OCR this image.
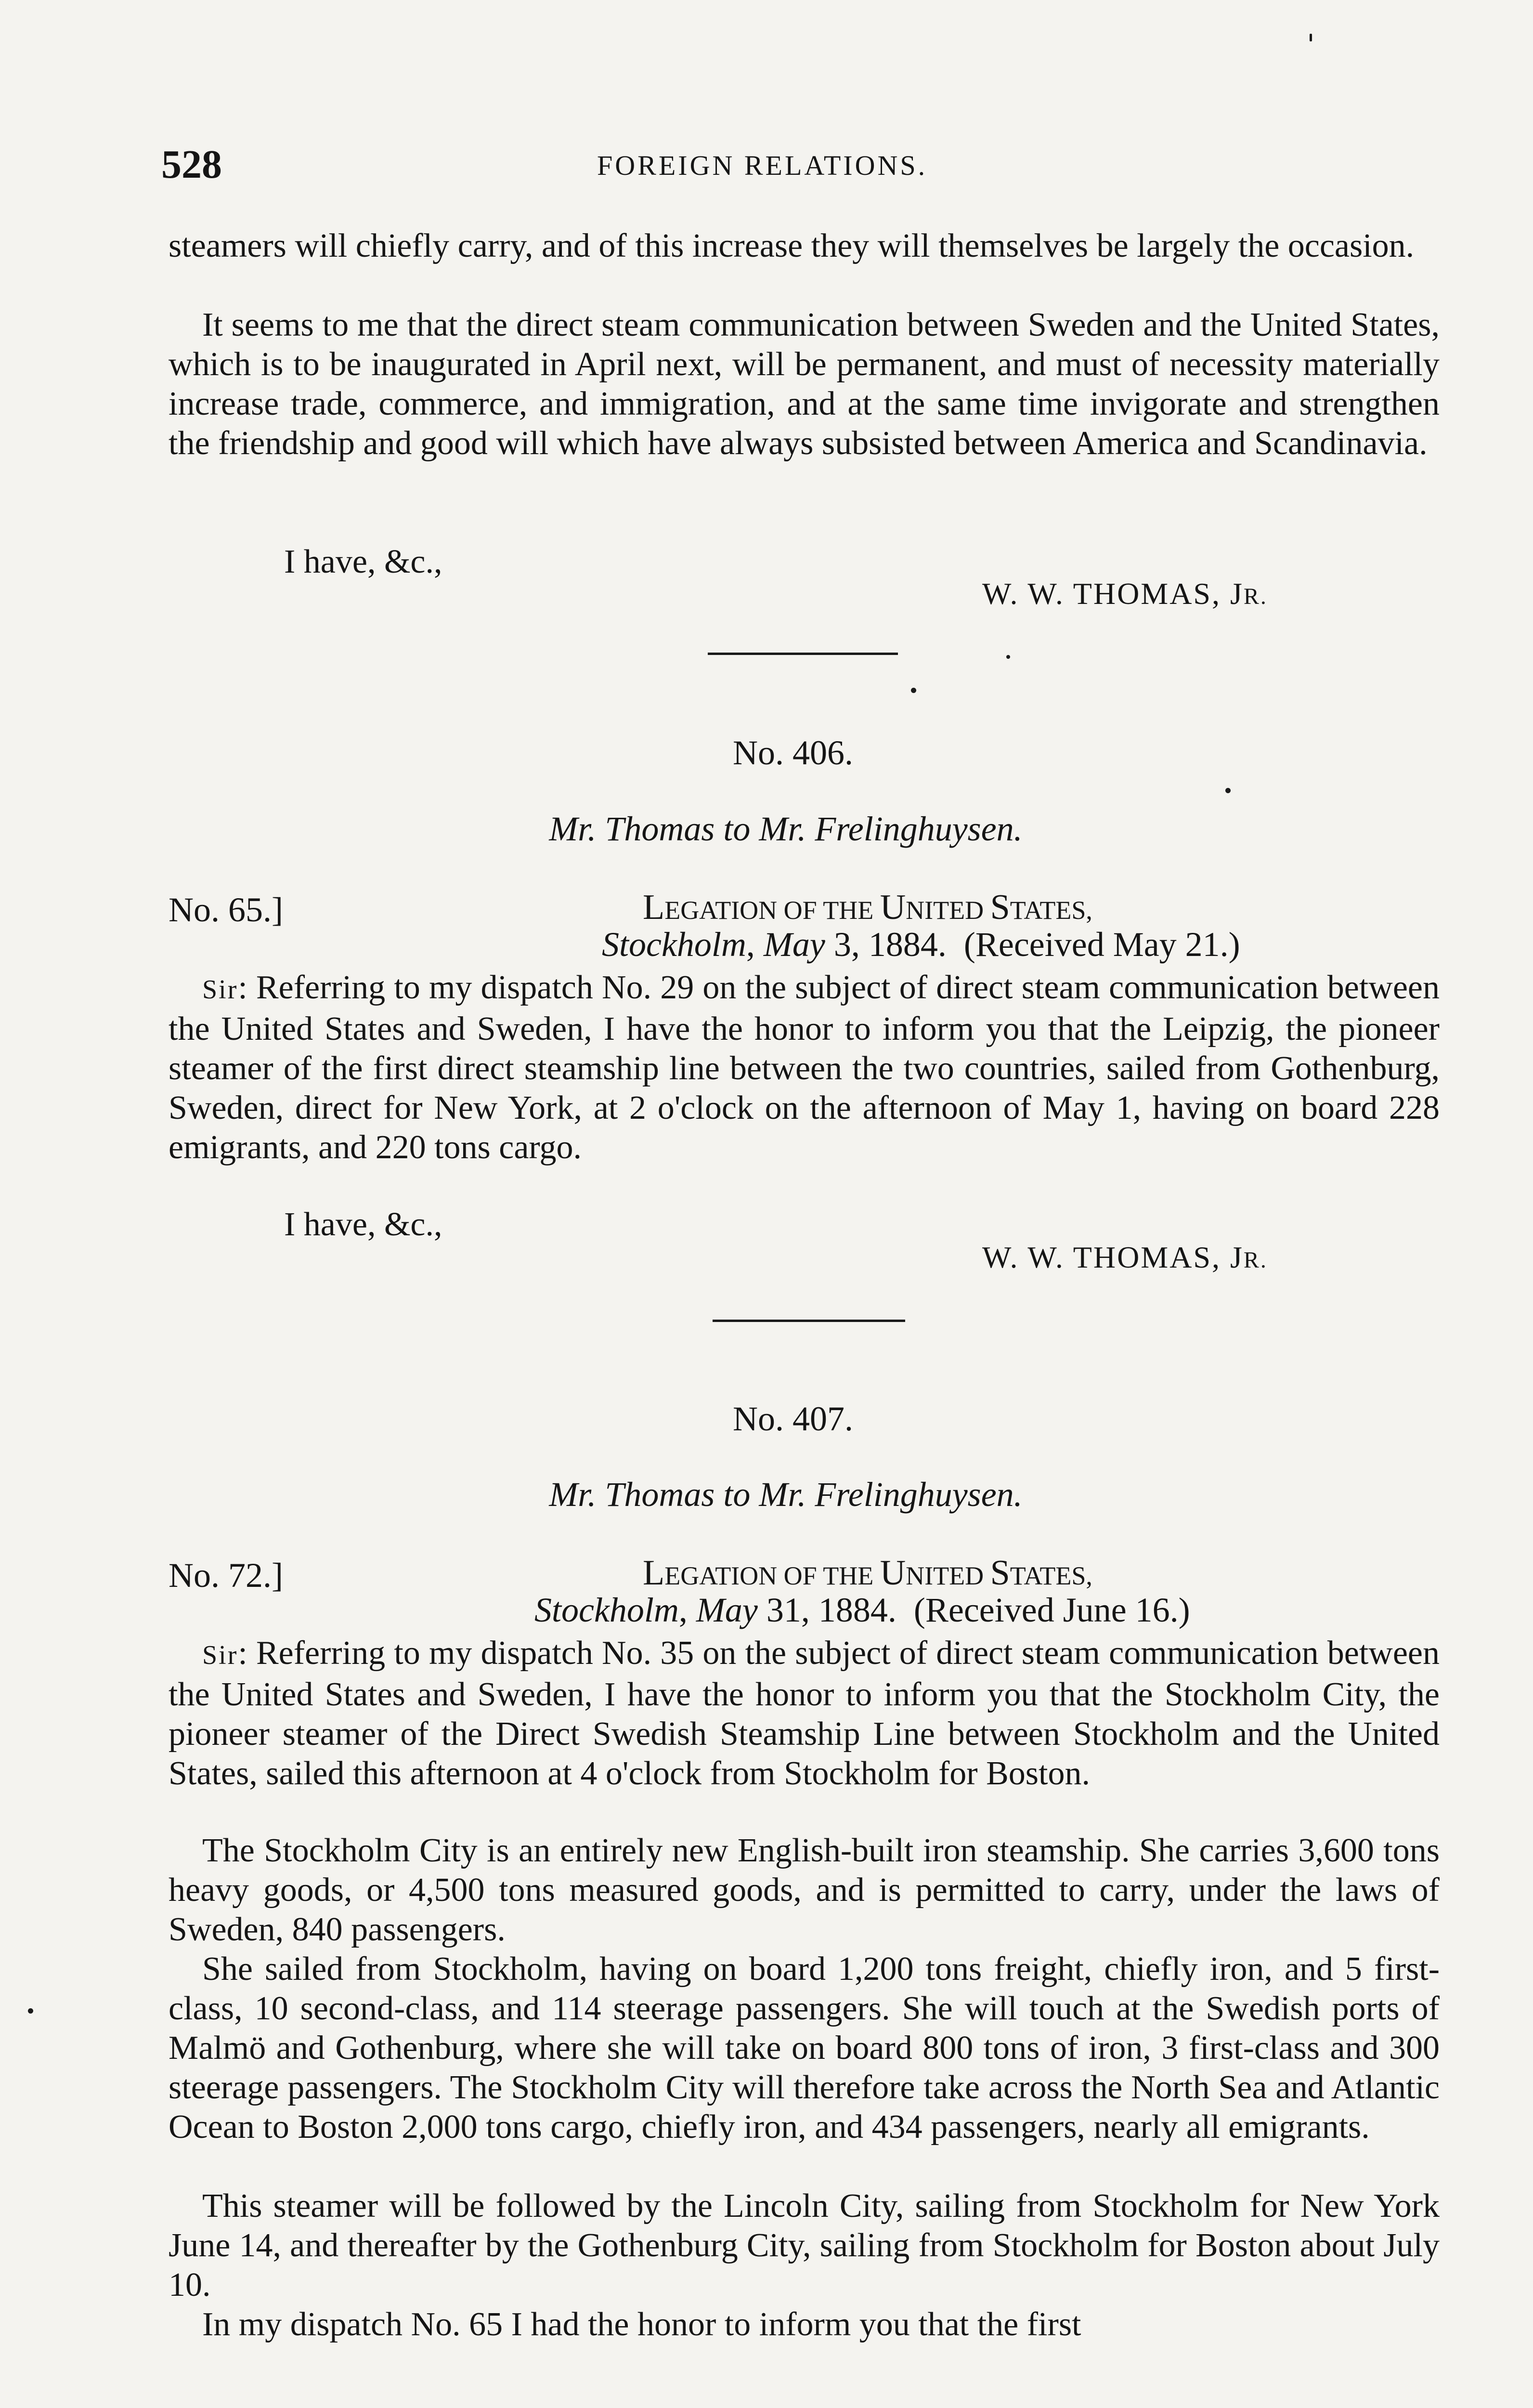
528	FOREIGN RELATIONS.
steamers will chiefly carry, and of this increase they will themselves be largely the occasion.
It seems to me that the direct steam communication between Sweden and the United States, which is to be inaugurated in April next, will be permanent, and must of necessity materially increase trade, commerce, and immigration, and at the same time invigorate and strengthen the friendship and good will which have always subsisted between America and Scandinavia.
I have, &c.,
W. W. THOMAS, JR.
No. 406.
Mr. Thomas to Mr. Frelinghuysen.
No. 65.]	LEGATION OF THE UNITED STATES,
Stockholm, May 3, 1884. (Received May 21.)
Sir: Referring to my dispatch No. 29 on the subject of direct steam communication between the United States and Sweden, I have the honor to inform you that the Leipzig, the pioneer steamer of the first direct steamship line between the two countries, sailed from Gothenburg, Sweden, direct for New York, at 2 o'clock on the afternoon of May 1, having on board 228 emigrants, and 220 tons cargo.
I have, &c.,
W. W. THOMAS, JR.
No. 407.
Mr. Thomas to Mr. Frelinghuysen.
No. 72.]	LEGATION OF THE UNITED STATES,
Stockholm, May 31, 1884. (Received June 16.)
Sir: Referring to my dispatch No. 35 on the subject of direct steam communication between the United States and Sweden, I have the honor to inform you that the Stockholm City, the pioneer steamer of the Direct Swedish Steamship Line between Stockholm and the United States, sailed this afternoon at 4 o'clock from Stockholm for Boston.
The Stockholm City is an entirely new English-built iron steamship. She carries 3,600 tons heavy goods, or 4,500 tons measured goods, and is permitted to carry, under the laws of Sweden, 840 passengers.
She sailed from Stockholm, having on board 1,200 tons freight, chiefly iron, and 5 first-class, 10 second-class, and 114 steerage passengers. She will touch at the Swedish ports of Malmö and Gothenburg, where she will take on board 800 tons of iron, 3 first-class and 300 steerage passengers. The Stockholm City will therefore take across the North Sea and Atlantic Ocean to Boston 2,000 tons cargo, chiefly iron, and 434 passengers, nearly all emigrants.
This steamer will be followed by the Lincoln City, sailing from Stockholm for New York June 14, and thereafter by the Gothenburg City, sailing from Stockholm for Boston about July 10.
In my dispatch No. 65 I had the honor to inform you that the first
